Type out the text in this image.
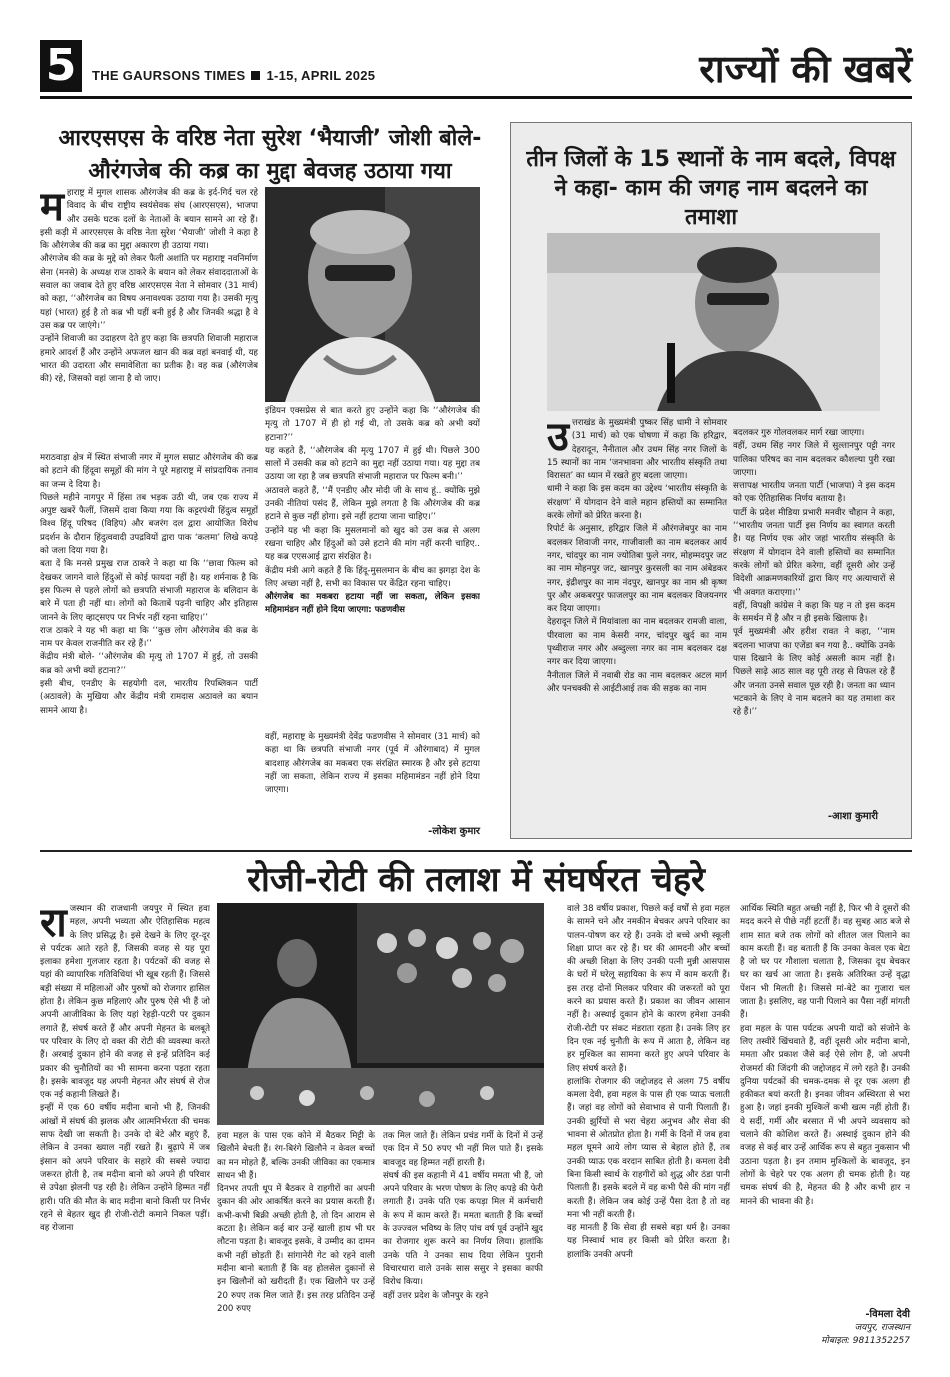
5	THE GAURSONS TIMES 1-15, APRIL 2025	राज्यों की खबरें
आरएसएस के वरिष्ठ नेता सुरेश ‘भैयाजी’ जोशी बोले- औरंगजेब की कब्र का मुद्दा बेवजह उठाया गया
महाराष्ट्र में मुगल शासक औरंगजेब की कब्र के इर्द-गिर्द चल रहे विवाद के बीच राष्ट्रीय स्वयंसेवक संघ (आरएसएस), भाजपा और उसके घटक दलों के नेताओं के बयान सामने आ रहे हैं। इसी कड़ी में आरएसएस के वरिष्ठ नेता सुरेश ‘भैयाजी’ जोशी ने कहा है कि औरंगजेब की कब्र का मुद्दा अकारण ही उठाया गया।
औरंगजेब की कब्र के मुद्दे को लेकर फैली अशांति पर महाराष्ट्र नवनिर्माण सेना (मनसे) के अध्यक्ष राज ठाकरे के बयान को लेकर संवाददाताओं के सवाल का जवाब देते हुए वरिष्ठ आरएसएस नेता ने सोमवार (31 मार्च) को कहा, ‘‘औरंगजेब का विषय अनावश्यक उठाया गया है। उसकी मृत्यु यहां (भारत) हुई है तो कब्र भी यहीं बनी हुई है और जिनकी श्रद्धा है वे उस कब्र पर जाएंगे।’’
उन्होंने शिवाजी का उदाहरण देते हुए कहा कि छत्रपति शिवाजी महाराज हमारे आदर्श हैं और उन्होंने अफजल खान की कब्र वहां बनवाई थी, यह भारत की उदारता और समावेशिता का प्रतीक है। वह कब्र (औरंगजेब की) रहे, जिसको वहां जाना है वो जाए।
मराठवाड़ा क्षेत्र में स्थित संभाजी नगर में मुगल सम्राट औरंगजेब की कब्र को हटाने की हिंदूवा समूहों की मांग ने पूरे महाराष्ट्र में सांप्रदायिक तनाव का जन्म दे दिया है।
पिछले महीने नागपुर में हिंसा तब भड़क उठी थी, जब एक राज्य में अपुष्ट खबरें फैलीं, जिसमें दावा किया गया कि कट्टरपंथी हिंदुत्व समूहों विश्व हिंदू परिषद (विहिप) और बजरंग दल द्वारा आयोजित विरोध प्रदर्शन के दौरान हिंदुत्ववादी उपद्रवियों द्वारा पाक ‘कलमा’ लिखे कपड़े को जला दिया गया है।
बता दें कि मनसे प्रमुख राज ठाकरे ने कहा था कि ‘‘छावा फिल्म को देखकर जागने वाले हिंदुओं से कोई फायदा नहीं है। यह शर्मनाक है कि इस फिल्म से पहले लोगों को छत्रपति संभाजी महाराज के बलिदान के बारे में पता ही नहीं था। लोगों को किताबें पढ़नी चाहिए और इतिहास जानने के लिए व्हाट्सएप पर निर्भर नहीं रहना चाहिए।’’
राज ठाकरे ने यह भी कहा था कि ‘‘कुछ लोग औरंगजेब की कब्र के नाम पर केवल राजनीति कर रहे हैं।’’
केंद्रीय मंत्री बोले- ‘‘औरंगजेब की मृत्यु तो 1707 में हुई, तो उसकी कब्र को अभी क्यों हटाना?’’
इसी बीच, एनडीए के सहयोगी दल, भारतीय रिपब्लिकन पार्टी (अठावले) के मुखिया और केंद्रीय मंत्री रामदास अठावले का बयान सामने आया है।
इंडियन एक्सप्रेस से बात करते हुए उन्होंने कहा कि ‘‘औरंगजेब की मृत्यु तो 1707 में ही हो गई थी, तो उसके कब्र को अभी क्यों हटाना?’’
यह कहते हैं, ‘‘औरंगजेब की मृत्यु 1707 में हुई थी। पिछले 300 सालों में उसकी कब्र को हटाने का मुद्दा नहीं उठाया गया। यह मुद्दा तब उठाया जा रहा है जब छत्रपति संभाजी महाराज पर फिल्म बनी।’’
अठावले कहते हैं, ‘‘मैं एनडीए और मोदी जी के साथ हूं.. क्योंकि मुझे उनकी नीतियां पसंद हैं, लेकिन मुझे लगता है कि औरंगजेब की कब्र हटाने से कुछ नहीं होगा। इसे नहीं हटाया जाना चाहिए।’’
उन्होंने यह भी कहा कि मुसलमानों को खुद को उस कब्र से अलग रखना चाहिए और हिंदुओं को उसे हटाने की मांग नहीं करनी चाहिए.. यह कब्र एएसआई द्वारा संरक्षित है।
केंद्रीय मंत्री आगे कहते हैं कि हिंदू-मुसलमान के बीच का झगड़ा देश के लिए अच्छा नहीं है, सभी का विकास पर केंद्रित रहना चाहिए।
औरंगजेब का मकबरा हटाया नहीं जा सकता, लेकिन इसका महिमामंडन नहीं होने दिया जाएगा: फडणवीस
वहीं, महाराष्ट्र के मुख्यमंत्री देवेंद्र फडणवीस ने सोमवार (31 मार्च) को कहा था कि छत्रपति संभाजी नगर (पूर्व में औरंगाबाद) में मुगल बादशाह औरंगजेब का मकबरा एक संरक्षित स्मारक है और इसे हटाया नहीं जा सकता, लेकिन राज्य में इसका महिमामंडन नहीं होने दिया जाएगा।
-लोकेश कुमार
तीन जिलों के 15 स्थानों के नाम बदले, विपक्ष ने कहा- काम की जगह नाम बदलने का तमाशा
उत्तराखंड के मुख्यमंत्री पुष्कर सिंह धामी ने सोमवार (31 मार्च) को एक घोषणा में कहा कि हरिद्वार, देहरादून, नैनीताल और उधम सिंह नगर जिलों के 15 स्थानों का नाम ‘जनभावना और भारतीय संस्कृति तथा विरासत’ का ध्यान में रखते हुए बदला जाएगा।
धामी ने कहा कि इस कदम का उद्देश्य ‘भारतीय संस्कृति के संरक्षण’ में योगदान देने वाले महान हस्तियों का सम्मानित करके लोगों को प्रेरित करना है।
रिपोर्ट के अनुसार, हरिद्वार जिले में औरंगजेबपुर का नाम बदलकर शिवाजी नगर, गाजीवाली का नाम बदलकर आर्य नगर, चांदपुर का नाम ज्योतिबा फुले नगर, मोहम्मदपुर जट का नाम मोहनपुर जट, खानपुर कुरसली का नाम अंबेडकर नगर, इंद्रीशपुर का नाम नंदपुर, खानपुर का नाम श्री कृष्ण पुर और अकबरपुर फाजलपुर का नाम बदलकर विजयनगर कर दिया जाएगा।
देहरादून जिले में मियांवाला का नाम बदलकर रामजी वाला, पीरवाला का नाम केसरी नगर, चांदपुर खुर्द का नाम पृथ्वीराज नगर और अब्दुल्ला नगर का नाम बदलकर दक्ष नगर कर दिया जाएगा।
नैनीताल जिले में नवाबी रोड का नाम बदलकर अटल मार्ग और पनचक्की से आईटीआई तक की सड़क का नाम
बदलकर गुरु गोलवलकर मार्ग रखा जाएगा।
वहीं, उधम सिंह नगर जिले में सुल्तानपुर पट्टी नगर पालिका परिषद का नाम बदलकर कौशल्या पुरी रखा जाएगा।
सत्तापक्ष भारतीय जनता पार्टी (भाजपा) ने इस कदम को एक ऐतिहासिक निर्णय बताया है।
पार्टी के प्रदेश मीडिया प्रभारी मनवीर चौहान ने कहा, ‘‘भारतीय जनता पार्टी इस निर्णय का स्वागत करती है। यह निर्णय एक ओर जहां भारतीय संस्कृति के संरक्षण में योगदान देने वाली हस्तियों का सम्मानित करके लोगों को प्रेरित करेगा, वहीं दूसरी ओर उन्हें विदेशी आक्रमणकारियों द्वारा किए गए अत्याचारों से भी अवगत कराएगा।’’
वहीं, विपक्षी कांग्रेस ने कहा कि यह न तो इस कदम के समर्थन में है और न ही इसके खिलाफ है।
पूर्व मुख्यमंत्री और हरीश रावत ने कहा, ‘‘नाम बदलना भाजपा का एजेंडा बन गया है.. क्योंकि उनके पास दिखाने के लिए कोई असली काम नहीं है। पिछले साढ़े आठ साल वह पूरी तरह से विफल रहे हैं और जनता उनसे सवाल पूछ रही है। जनता का ध्यान भटकाने के लिए वे नाम बदलने का यह तमाशा कर रहे हैं।’’
-आशा कुमारी
रोजी-रोटी की तलाश में संघर्षरत चेहरे
राजस्थान की राजधानी जयपुर में स्थित हवा महल, अपनी भव्यता और ऐतिहासिक महत्व के लिए प्रसिद्ध है। इसे देखने के लिए दूर-दूर से पर्यटक आते रहते हैं, जिसकी वजह से यह पूरा इलाका हमेशा गुलजार रहता है। पर्यटकों की वजह से यहां की व्यापारिक गतिविधियां भी खूब रहती हैं। जिससे बड़ी संख्या में महिलाओं और पुरुषों को रोजगार हासिल होता है। लेकिन कुछ महिलाएं और पुरुष ऐसे भी हैं जो अपनी आजीविका के लिए यहां रेहड़ी-पटरी पर दुकान लगाते हैं, संघर्ष करते हैं और अपनी मेहनत के बलबूते पर परिवार के लिए दो वक्त की रोटी की व्यवस्था करते हैं। अरबाई दुकान होने की वजह से इन्हें प्रतिदिन कई प्रकार की चुनौतियों का भी सामना करना पड़ता रहता है। इसके बावजूद यह अपनी मेहनत और संघर्ष से रोज एक नई कहानी लिखते हैं।
इन्हीं में एक 60 वर्षीय मदीना बानो भी हैं, जिनकी आंखों में संघर्ष की झलक और आत्मनिर्भरता की चमक साफ देखी जा सकती है। उनके दो बेटे और बहुएं हैं, लेकिन वे उनका ख्याल नहीं रखते हैं। बुढ़ापे में जब इंसान को अपने परिवार के सहारे की सबसे ज्यादा जरूरत होती है, तब मदीना बानो को अपने ही परिवार से उपेक्षा झेलनी पड़ रही है। लेकिन उन्होंने हिम्मत नहीं हारी। पति की मौत के बाद मदीना बानो किसी पर निर्भर रहने से बेहतर खुद ही रोजी-रोटी कमाने निकल पड़ीं। वह रोजाना
हवा महल के पास एक कोने में बैठकर मिट्टी के खिलौने बेचती हैं। रंग-बिरंगे खिलौने न केवल बच्चों का मन मोहते हैं, बल्कि उनकी जीविका का एकमात्र साधन भी हैं।
दिनभर तपती धूप में बैठकर वे राहगीरों का अपनी दुकान की ओर आकर्षित करने का प्रयास करती हैं। कभी-कभी बिक्री अच्छी होती है, तो दिन आराम से कटता है। लेकिन कई बार उन्हें खाली हाथ भी घर लौटना पड़ता है। बावजूद इसके, वे उम्मीद का दामन कभी नहीं छोड़ती हैं। सांगानेरी गेट को रहने वाली मदीना बानो बताती हैं कि वह होलसेल दुकानों से इन खिलौनों को खरीदती हैं। एक खिलौने पर उन्हें 20 रुपए तक मिल जाते हैं। इस तरह प्रतिदिन उन्हें 200 रुपए
तक मिल जाते हैं। लेकिन प्रचंड गर्मी के दिनों में उन्हें एक दिन में 50 रुपए भी नहीं मिल पाते हैं। इसके बावजूद वह हिम्मत नहीं हारती हैं।
संघर्ष की इस कहानी में 41 वर्षीय ममता भी हैं, जो अपने परिवार के भरण पोषण के लिए कपड़े की फेरी लगाती हैं। उनके पति एक कपड़ा मिल में कर्मचारी के रूप में काम करते हैं। ममता बताती हैं कि बच्चों के उज्ज्वल भविष्य के लिए पांच वर्ष पूर्व उन्होंने खुद का रोजगार शुरू करने का निर्णय लिया। हालांकि उनके पति ने उनका साथ दिया लेकिन पुरानी विचारधारा वाले उनके सास ससुर ने इसका काफी विरोध किया।
वहीं उत्तर प्रदेश के जौनपुर के रहने
वाले 38 वर्षीय प्रकाश, पिछले कई वर्षों से हवा महल के सामने चने और नमकीन बेचकर अपने परिवार का पालन-पोषण कर रहे हैं। उनके दो बच्चे अभी स्कूली शिक्षा प्राप्त कर रहे हैं। घर की आमदनी और बच्चों की अच्छी शिक्षा के लिए उनकी पत्नी मुन्नी आसपास के घरों में घरेलू सहायिका के रूप में काम करती हैं। इस तरह दोनों मिलकर परिवार की जरूरतों को पूरा करने का प्रयास करते हैं। प्रकाश का जीवन आसान नहीं है। अस्थाई दुकान होने के कारण हमेशा उनकी रोजी-रोटी पर संकट मंडराता रहता है। उनके लिए हर दिन एक नई चुनौती के रूप में आता है, लेकिन वह हर मुश्किल का सामना करते हुए अपने परिवार के लिए संघर्ष करते हैं।
हालांकि रोजगार की जद्दोजहद से अलग 75 वर्षीय कमला देवी, हवा महल के पास ही एक प्याऊ चलाती हैं। जहां वह लोगों को सेवाभाव से पानी पिलाती हैं। उनकी झुर्रियों से भरा चेहरा अनुभव और सेवा की भावना से ओतप्रोत होता है। गर्मी के दिनों में जब हवा महल घूमने आये लोग प्यास से बेहाल होते हैं, तब उनकी प्याऊ एक वरदान साबित होती है। कमला देवी बिना किसी स्वार्थ के राहगीरों को शुद्ध और ठंडा पानी पिलाती हैं। इसके बदले में वह कभी पैसे की मांग नहीं करती हैं। लेकिन जब कोई उन्हें पैसा देता है तो वह मना भी नहीं करती हैं।
वह मानती हैं कि सेवा ही सबसे बड़ा धर्म है। उनका यह निस्वार्थ भाव हर किसी को प्रेरित करता है। हालांकि उनकी अपनी
आर्थिक स्थिति बहुत अच्छी नहीं है, फिर भी वे दूसरों की मदद करने से पीछे नहीं हटतीं हैं। वह सुबह आठ बजे से शाम सात बजे तक लोगों को शीतल जल पिलाने का काम करती हैं। वह बताती हैं कि उनका केवल एक बेटा है जो घर पर गौशाला चलाता है, जिसका दूध बेचकर घर का खर्च आ जाता है। इसके अतिरिक्त उन्हें वृद्धा पेंशन भी मिलती है। जिससे मां-बेटे का गुजारा चल जाता है। इसलिए, वह पानी पिलाने का पैसा नहीं मांगती हैं।
हवा महल के पास पर्यटक अपनी यादों को संजोने के लिए तस्वीरें खिंचवाते हैं, वहीं दूसरी ओर मदीना बानो, ममता और प्रकाश जैसे कई ऐसे लोग हैं, जो अपनी रोजमर्रा की जिंदगी की जद्दोजहद में लगे रहते हैं। उनकी दुनिया पर्यटकों की चमक-दमक से दूर एक अलग ही हकीकत बयां करती है। इनका जीवन अस्थिरता से भरा हुआ है। जहां इनकी मुश्किलें कभी खत्म नहीं होती हैं। ये सर्दी, गर्मी और बरसात में भी अपने व्यवसाय को चलाने की कोशिश करते हैं। अस्थाई दुकान होने की वजह से कई बार उन्हें आर्थिक रूप से बहुत नुकसान भी उठाना पड़ता है। इन तमाम मुश्किलों के बावजूद, इन लोगों के चेहरे पर एक अलग ही चमक होती है। यह चमक संघर्ष की है, मेहनत की है और कभी हार न मानने की भावना की है।
-विमला देवी
जयपुर, राजस्थान
मोबाइल: 9811352257
